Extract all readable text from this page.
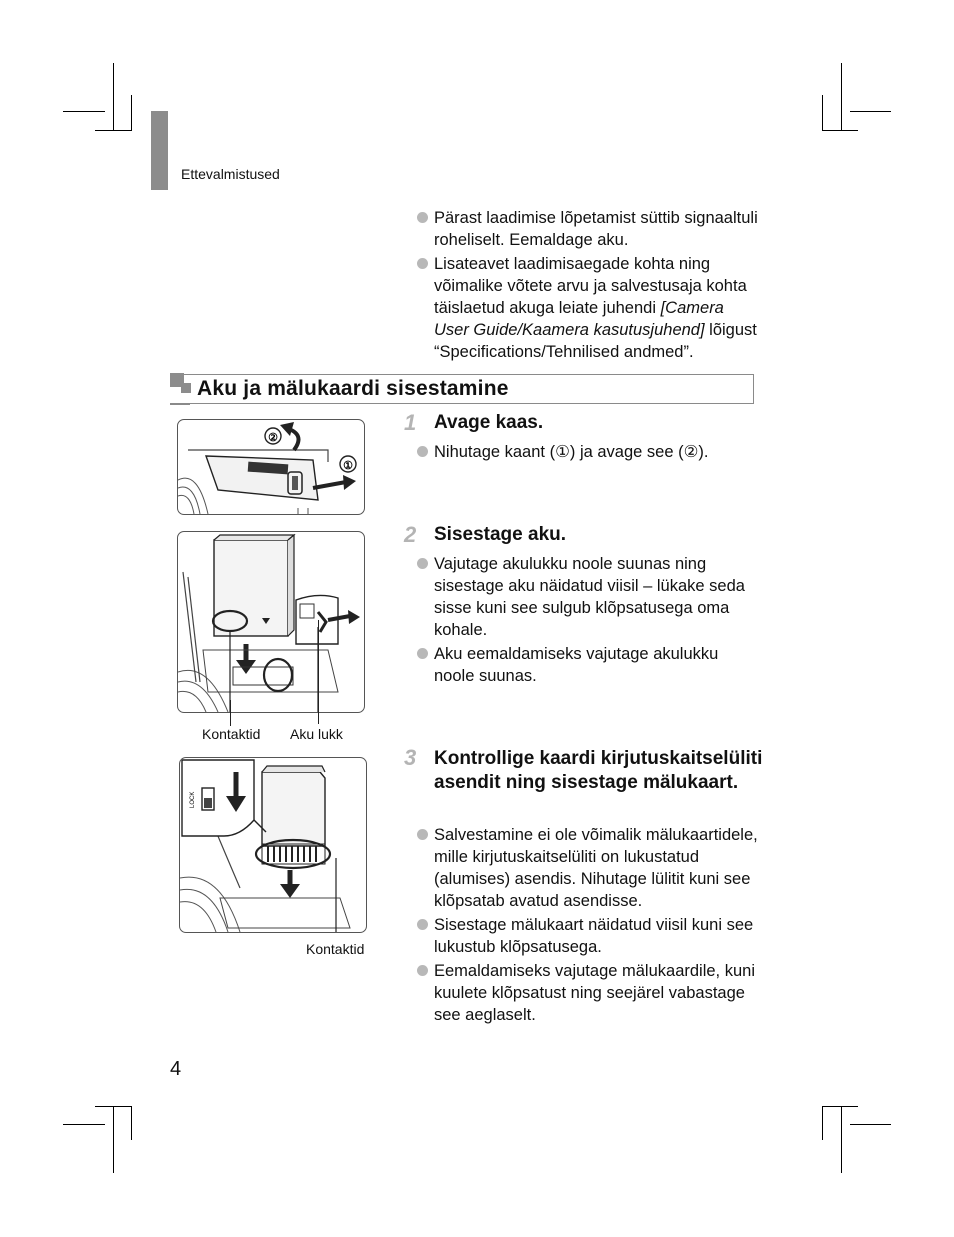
Ettevalmistused
Pärast laadimise lõpetamist süttib signaaltuli roheliselt. Eemaldage aku.
Lisateavet laadimisaegade kohta ning võimalike võtete arvu ja salvestusaja kohta täislaetud akuga leiate juhendi [Camera User Guide/Kaamera kasutusjuhend] lõigust “Specifications/Tehnilised andmed”.
Aku ja mälukaardi sisestamine
1 Avage kaas.
Nihutage kaant (①) ja avage see (②).
②
①
2 Sisestage aku.
Vajutage akulukku noole suunas ning sisestage aku näidatud viisil – lükake seda sisse kuni see sulgub klõpsatusega oma kohale.
Aku eemaldamiseks vajutage akulukku noole suunas.
Kontaktid Aku lukk
3 Kontrollige kaardi kirjutuskaitselüliti asendit ning sisestage mälukaart.
Salvestamine ei ole võimalik mälukaartidele, mille kirjutuskaitselüliti on lukustatud (alumises) asendis. Nihutage lülitit kuni see klõpsatab avatud asendisse.
Sisestage mälukaart näidatud viisil kuni see lukustub klõpsatusega.
Eemaldamiseks vajutage mälukaardile, kuni kuulete klõpsatust ning seejärel vabastage see aeglaselt.
LOCK
Kontaktid
4
